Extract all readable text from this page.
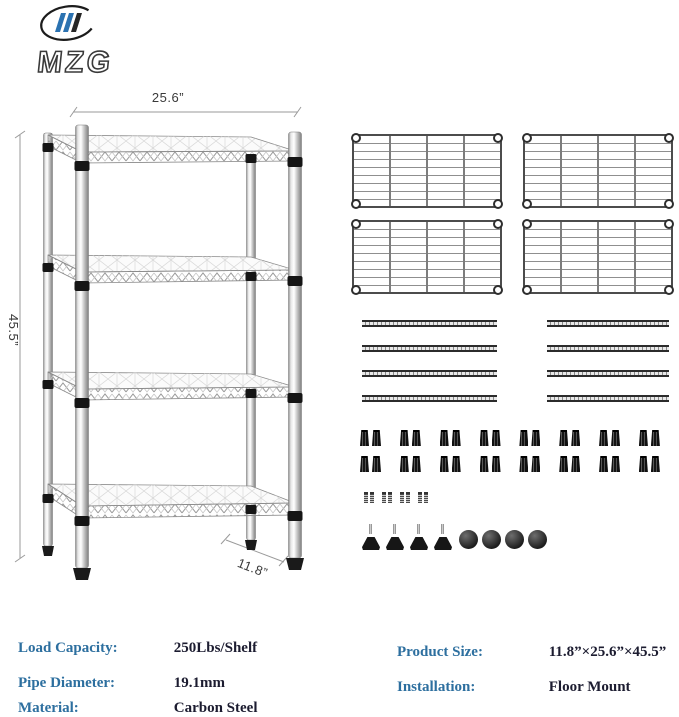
MZG
25.6”
45.5”
11.8”
Load Capacity:	250Lbs/Shelf
Pipe Diameter:	19.1mm
Material:	Carbon Steel
Product Size:	11.8”×25.6”×45.5”
Installation:	Floor Mount
